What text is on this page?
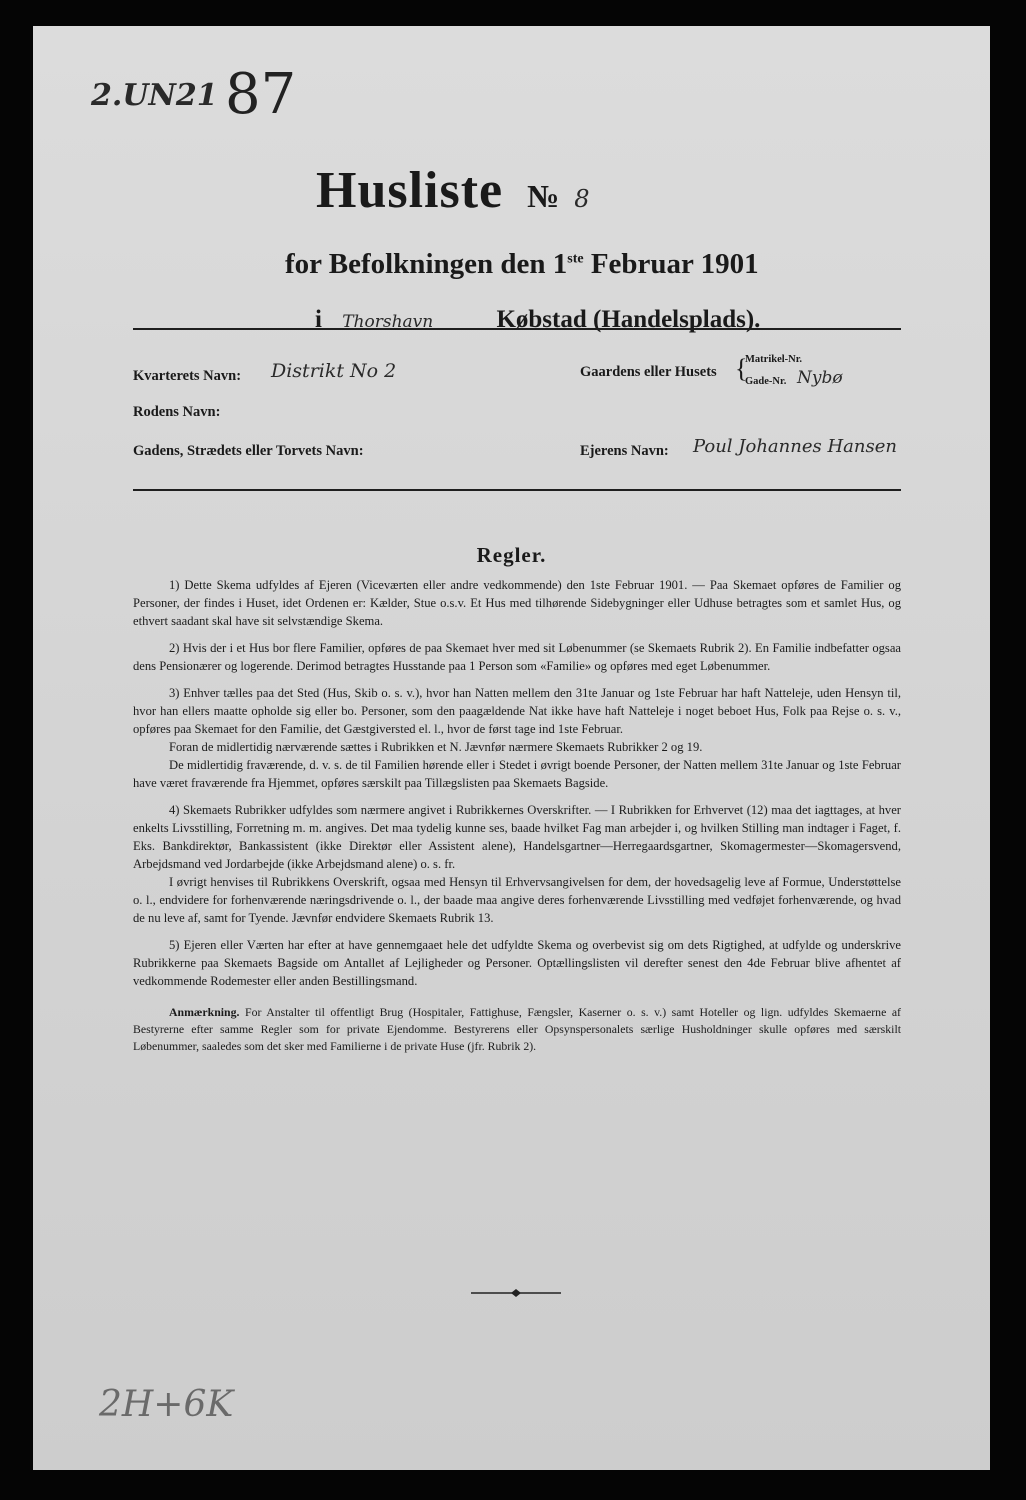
2.UN21 87
2H+6K
Husliste № 8
for Befolkningen den 1ste Februar 1901
i Thorshavn	Købstad (Handelsplads).
Kvarterets Navn: Distrikt No 2	Gaardens eller Husets {
Matrikel-Nr.
Gade-Nr. Nybø
Rodens Navn:
Gadens, Strædets eller Torvets Navn:	Ejerens Navn: Poul Johannes Hansen
Regler.

1) Dette Skema udfyldes af Ejeren (Viceværten eller andre vedkommende) den 1ste Februar 1901. — Paa Skemaet opføres de Familier og Personer, der findes i Huset, idet Ordenen er: Kælder, Stue o.s.v. Et Hus med tilhørende Sidebygninger eller Udhuse betragtes som et samlet Hus, og ethvert saadant skal have sit selvstændige Skema.

2) Hvis der i et Hus bor flere Familier, opføres de paa Skemaet hver med sit Løbenummer (se Skemaets Rubrik 2). En Familie indbefatter ogsaa dens Pensionærer og logerende. Derimod betragtes Husstande paa 1 Person som «Familie» og opføres med eget Løbenummer.

3) Enhver tælles paa det Sted (Hus, Skib o. s. v.), hvor han Natten mellem den 31te Januar og 1ste Februar har haft Natteleje, uden Hensyn til, hvor han ellers maatte opholde sig eller bo. Personer, som den paagældende Nat ikke have haft Natteleje i noget beboet Hus, Folk paa Rejse o. s. v., opføres paa Skemaet for den Familie, det Gæstgiversted el. l., hvor de først tage ind 1ste Februar.

Foran de midlertidig nærværende sættes i Rubrikken et N. Jævnfør nærmere Skemaets Rubrikker 2 og 19.

De midlertidig fraværende, d. v. s. de til Familien hørende eller i Stedet i øvrigt boende Personer, der Natten mellem 31te Januar og 1ste Februar have været fraværende fra Hjemmet, opføres særskilt paa Tillægslisten paa Skemaets Bagside.

4) Skemaets Rubrikker udfyldes som nærmere angivet i Rubrikkernes Overskrifter. — I Rubrikken for Erhvervet (12) maa det iagttages, at hver enkelts Livsstilling, Forretning m. m. angives. Det maa tydelig kunne ses, baade hvilket Fag man arbejder i, og hvilken Stilling man indtager i Faget, f. Eks. Bankdirektør, Bankassistent (ikke Direktør eller Assistent alene), Handelsgartner—Herregaardsgartner, Skomagermester—Skomagersvend, Arbejdsmand ved Jordarbejde (ikke Arbejdsmand alene) o. s. fr.

I øvrigt henvises til Rubrikkens Overskrift, ogsaa med Hensyn til Erhvervsangivelsen for dem, der hovedsagelig leve af Formue, Understøttelse o. l., endvidere for forhenværende næringsdrivende o. l., der baade maa angive deres forhenværende Livsstilling med vedføjet forhenværende, og hvad de nu leve af, samt for Tyende. Jævnfør endvidere Skemaets Rubrik 13.

5) Ejeren eller Værten har efter at have gennemgaaet hele det udfyldte Skema og overbevist sig om dets Rigtighed, at udfylde og underskrive Rubrikkerne paa Skemaets Bagside om Antallet af Lejligheder og Personer. Optællingslisten vil derefter senest den 4de Februar blive afhentet af vedkommende Rodemester eller anden Bestillingsmand.

Anmærkning. For Anstalter til offentligt Brug (Hospitaler, Fattighuse, Fængsler, Kaserner o. s. v.) samt Hoteller og lign. udfyldes Skemaerne af Bestyrerne efter samme Regler som for private Ejendomme. Bestyrerens eller Opsynspersonalets særlige Husholdninger skulle opføres med særskilt Løbenummer, saaledes som det sker med Familierne i de private Huse (jfr. Rubrik 2).
